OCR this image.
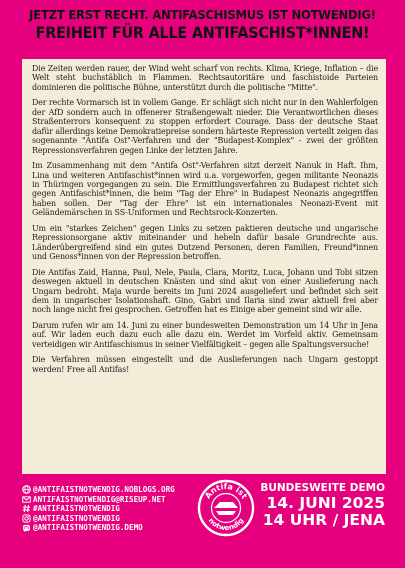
JETZT ERST RECHT. ANTIFASCHISMUS IST NOTWENDIG!
FREIHEIT FÜR ALLE ANTIFASCHIST*INNEN!

Die Zeiten werden rauer, der Wind weht scharf von rechts. Klima, Kriege, Inflation – die Welt steht buchstäblich in Flammen. Rechtsautoritäre und faschistoide Parteien dominieren die politische Bühne, unterstützt durch die politische "Mitte".

Der rechte Vormarsch ist in vollem Gange. Er schlägt sich nicht nur in den Wahlerfolgen der AfD sondern auch in offenerer Straßengewalt nieder. Die Verantwortlichen dieses Straßenterrors konsequent zu stoppen erfordert Courage. Dass der deutsche Staat dafür allerdings keine Demokratiepreise sondern härteste Repression verteilt zeigen das sogenannte "Antifa Ost"-Verfahren und der "Budapest-Komplex" - zwei der größten Repressionsverfahren gegen Linke der letzten Jahre.

Im Zusammenhang mit dem "Antifa Ost"-Verfahren sitzt derzeit Nanuk in Haft. Ihm, Lina und weiteren Antifaschist*innen wird u.a. vorgeworfen, gegen militante Neonazis in Thüringen vorgegangen zu sein. Die Ermittlungsverfahren zu Budapest richtet sich gegen Antifaschist*innen, die beim "Tag der Ehre" in Budapest Neonazis angegriffen haben sollen. Der "Tag der Ehre" ist ein internationales Neonazi-Event mit Geländemärschen in SS-Uniformen und Rechtsrock-Konzerten.

Um ein "starkes Zeichen" gegen Links zu setzen paktieren deutsche und ungarische Repressionsorgane aktiv miteinander und hebeln dafür basale Grundrechte aus. Länderübergreifend sind ein gutes Dutzend Personen, deren Familien, Freund*innen und Genoss*innen von der Repression betroffen.

Die Antifas Zaid, Hanna, Paul, Nele, Paula, Clara, Moritz, Luca, Johann und Tobi sitzen deswegen aktuell in deutschen Knästen und sind akut von einer Auslieferung nach Ungarn bedroht. Maja wurde bereits im Juni 2024 ausgeliefert und befindet sich seit dem in ungarischer Isolationshaft. Gino, Gabri und Ilaria sind zwar aktuell frei aber noch lange nicht frei gesprochen. Getroffen hat es Einige aber gemeint sind wir alle.

Darum rufen wir am 14. Juni zu einer bundesweiten Demonstration um 14 Uhr in Jena auf. Wir laden euch dazu euch alle dazu ein. Werdet im Vorfeld aktiv. Gemeinsam verteidigen wir Antifaschismus in seiner Vielfältigkeit – gegen alle Spaltungsversuche!

Die Verfahren müssen eingestellt und die Auslieferungen nach Ungarn gestoppt werden! Free all Antifas!

@ANTIFAISTNOTWENDIG.NOBLOGS.ORG
ANTIFAISTNOTWENDIG@RISEUP.NET
#ANTIFAISTNOTWENDIG
@ANTIFAISTNOTWENDIG
@ANTIFAISTNOTWENDIG.DEMO
Antifa ist
notwendig
BUNDESWEITE DEMO
14. JUNI 2025
14 UHR / JENA
